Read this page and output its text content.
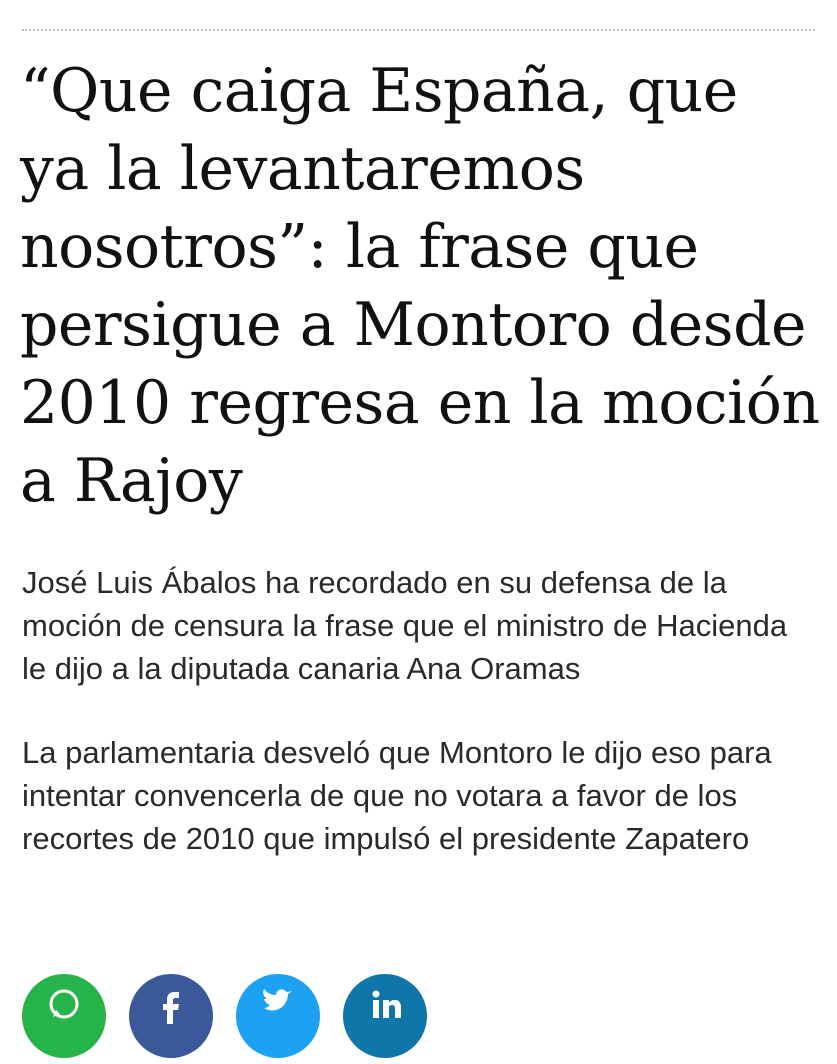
“Que caiga España, que ya la levantaremos nosotros”: la frase que persigue a Montoro desde 2010 regresa en la moción a Rajoy

José Luis Ábalos ha recordado en su defensa de la moción de censura la frase que el ministro de Hacienda le dijo a la diputada canaria Ana Oramas

La parlamentaria desveló que Montoro le dijo eso para intentar convencerla de que no votara a favor de los recortes de 2010 que impulsó el presidente Zapatero
